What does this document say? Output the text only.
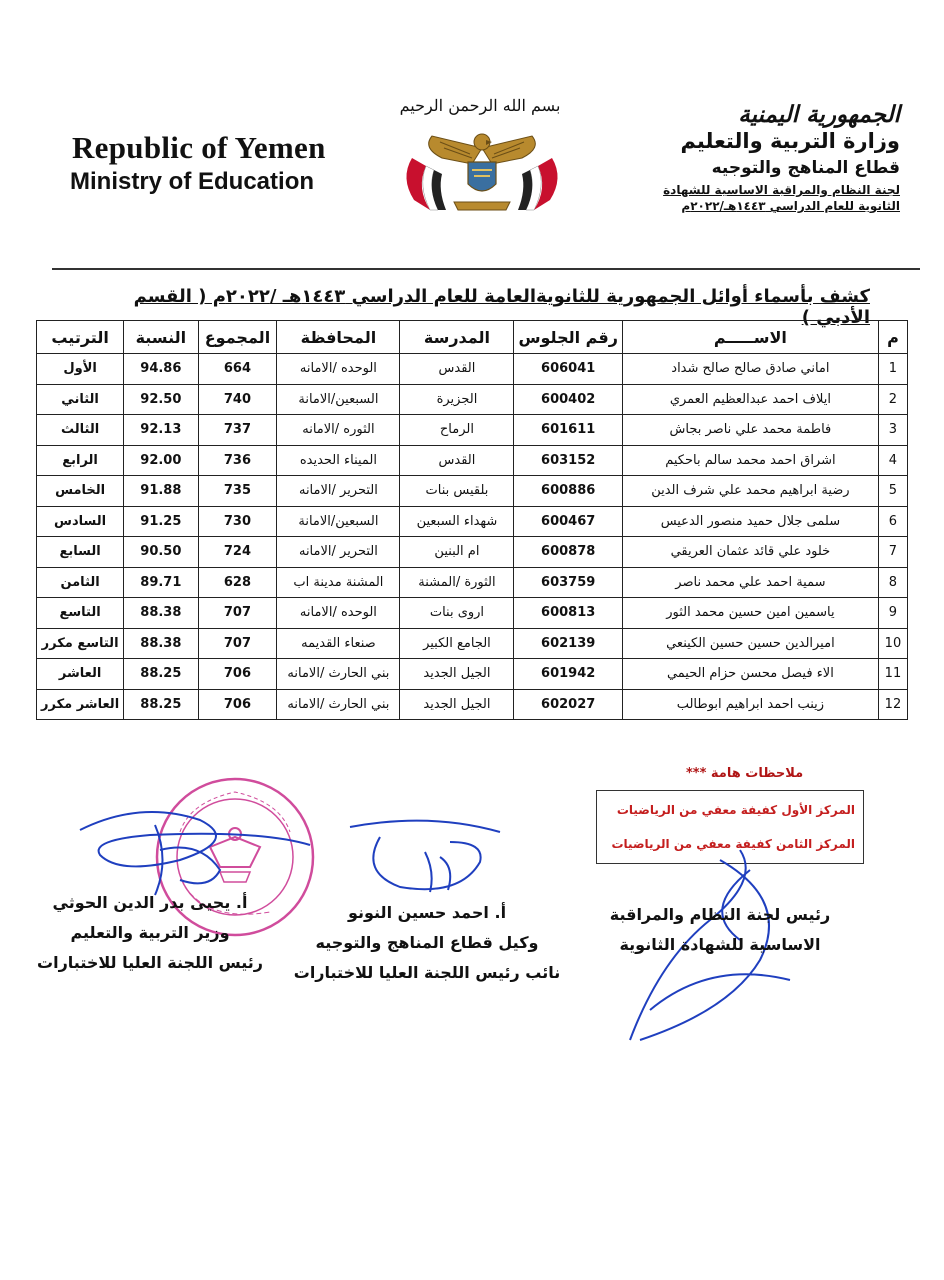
Republic of Yemen
Ministry of Education
بسم الله الرحمن الرحيم	الجمهورية اليمنية
وزارة التربية والتعليم
قطاع المناهج والتوجيه
لجنة النظام والمراقبة الاساسية للشهادة
الثانوية للعام الدراسي ١٤٤٣هـ/٢٠٢٢م
كشف بأسماء أوائل الجمهورية للثانويةالعامة للعام الدراسي ١٤٤٣هـ /٢٠٢٢م ( القسم الأدبي )
م	الاســـــم	رقم الجلوس	المدرسة	المحافظة	المجموع	النسبة	الترتيب
1	اماني صادق صالح صالح شداد	606041	القدس	الوحده /الامانه	664	94.86	الأول
2	ايلاف احمد عبدالعظيم العمري	600402	الجزيرة	السبعين/الامانة	740	92.50	الثاني
3	فاطمة محمد علي ناصر بجاش	601611	الرماح	الثوره /الامانه	737	92.13	الثالث
4	اشراق احمد محمد سالم باحكيم	603152	القدس	الميناء الحديده	736	92.00	الرابع
5	رضية ابراهيم محمد علي شرف الدين	600886	بلقيس بنات	التحرير /الامانه	735	91.88	الخامس
6	سلمى جلال حميد منصور الدعيس	600467	شهداء السبعين	السبعين/الامانة	730	91.25	السادس
7	خلود علي قائد عثمان العريقي	600878	ام البنين	التحرير /الامانه	724	90.50	السابع
8	سمية احمد علي محمد ناصر	603759	الثورة /المشنة	المشنة مدينة اب	628	89.71	الثامن
9	ياسمين امين حسين محمد الثور	600813	اروى بنات	الوحده /الامانه	707	88.38	التاسع
10	اميرالدين حسين حسين الكينعي	602139	الجامع الكبير	صنعاء القديمه	707	88.38	التاسع مكرر
11	الاء فيصل محسن حزام الحيمي	601942	الجيل الجديد	بني الحارث /الامانه	706	88.25	العاشر
12	زينب احمد ابراهيم ابوطالب	602027	الجيل الجديد	بني الحارث /الامانه	706	88.25	العاشر مكرر
ملاحظات هامة ***
المركز الأول كفيفة معفي من الرياضيات
المركز الثامن كفيفة معفي من الرياضيات
أ. يحيى بدر الدين الحوثي
وزير التربية والتعليم
رئيس اللجنة العليا للاختبارات
أ. احمد حسين النونو
وكيل قطاع المناهج والتوجيه
نائب رئيس اللجنة العليا للاختبارات
رئيس لجنة النظام والمراقبة
الاساسية للشهادة الثانوية
